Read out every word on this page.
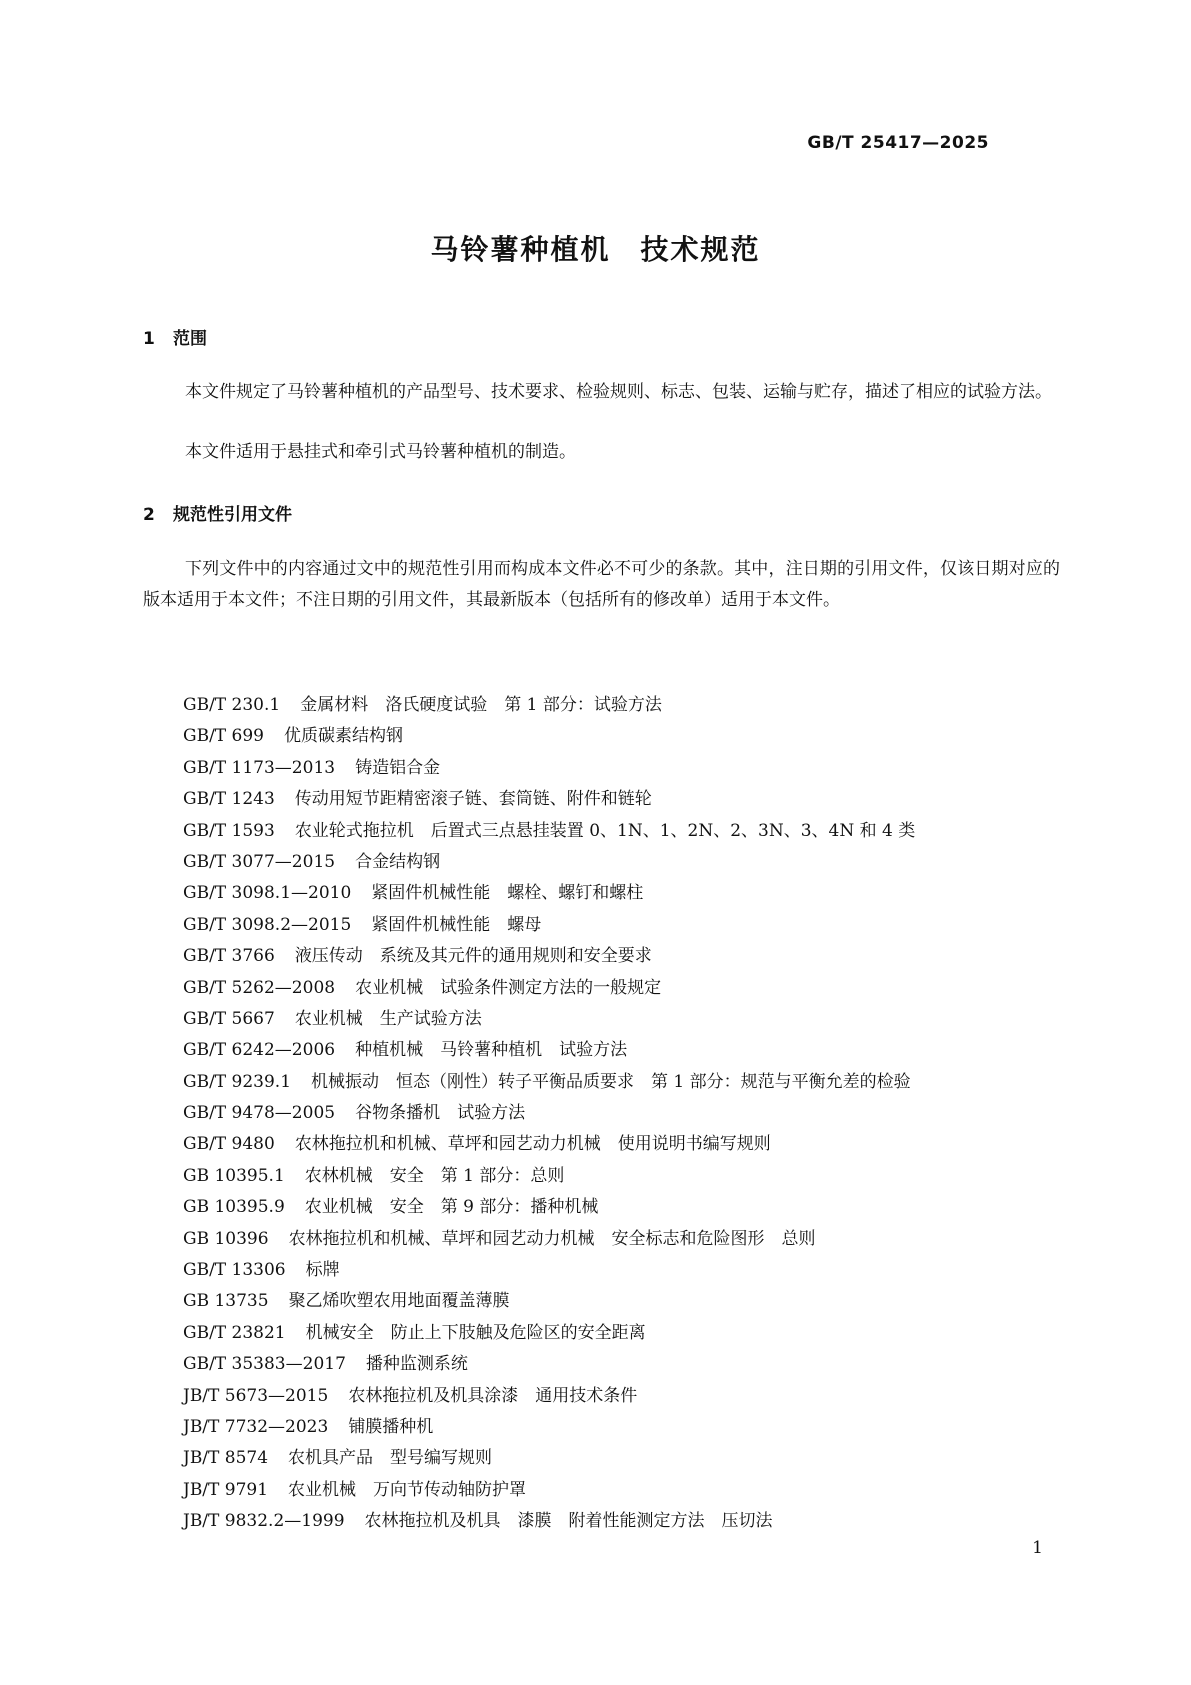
GB/T 25417—2025
马铃薯种植机 技术规范
1 范围

本文件规定了马铃薯种植机的产品型号、技术要求、检验规则、标志、包装、运输与贮存，描述了相应的试验方法。

本文件适用于悬挂式和牵引式马铃薯种植机的制造。

2 规范性引用文件

下列文件中的内容通过文中的规范性引用而构成本文件必不可少的条款。其中，注日期的引用文件，仅该日期对应的版本适用于本文件；不注日期的引用文件，其最新版本（包括所有的修改单）适用于本文件。

GB/T 230.1 金属材料　洛氏硬度试验　第 1 部分：试验方法
GB/T 699 优质碳素结构钢
GB/T 1173—2013 铸造铝合金
GB/T 1243 传动用短节距精密滚子链、套筒链、附件和链轮
GB/T 1593 农业轮式拖拉机　后置式三点悬挂装置 0、1N、1、2N、2、3N、3、4N 和 4 类
GB/T 3077—2015 合金结构钢
GB/T 3098.1—2010 紧固件机械性能　螺栓、螺钉和螺柱
GB/T 3098.2—2015 紧固件机械性能　螺母
GB/T 3766 液压传动　系统及其元件的通用规则和安全要求
GB/T 5262—2008 农业机械　试验条件测定方法的一般规定
GB/T 5667 农业机械　生产试验方法
GB/T 6242—2006 种植机械　马铃薯种植机　试验方法
GB/T 9239.1 机械振动　恒态（刚性）转子平衡品质要求　第 1 部分：规范与平衡允差的检验
GB/T 9478—2005 谷物条播机　试验方法
GB/T 9480 农林拖拉机和机械、草坪和园艺动力机械　使用说明书编写规则
GB 10395.1 农林机械　安全　第 1 部分：总则
GB 10395.9 农业机械　安全　第 9 部分：播种机械
GB 10396 农林拖拉机和机械、草坪和园艺动力机械　安全标志和危险图形　总则
GB/T 13306 标牌
GB 13735 聚乙烯吹塑农用地面覆盖薄膜
GB/T 23821 机械安全　防止上下肢触及危险区的安全距离
GB/T 35383—2017 播种监测系统
JB/T 5673—2015 农林拖拉机及机具涂漆　通用技术条件
JB/T 7732—2023 铺膜播种机
JB/T 8574 农机具产品　型号编写规则
JB/T 9791 农业机械　万向节传动轴防护罩
JB/T 9832.2—1999 农林拖拉机及机具　漆膜　附着性能测定方法　压切法
1
